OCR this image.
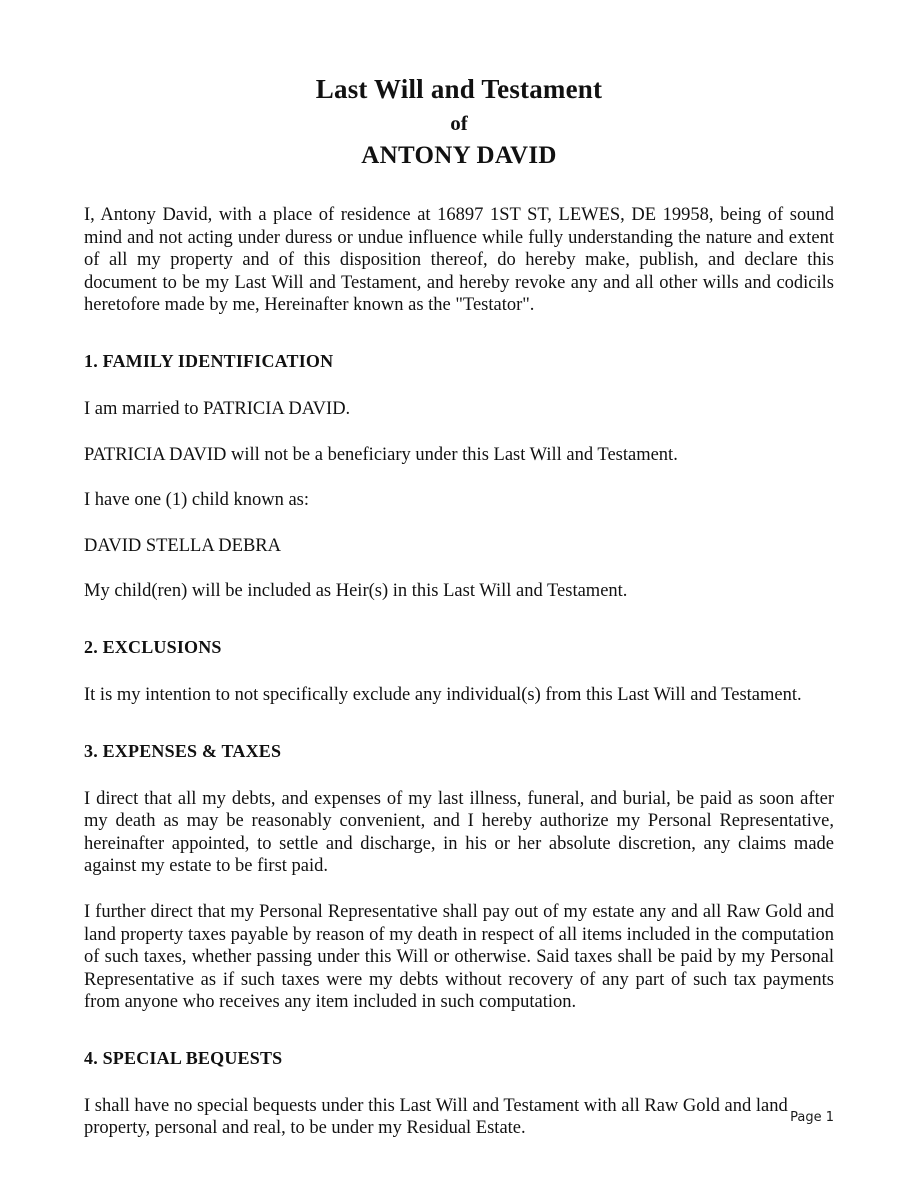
Last Will and Testament
of
ANTONY DAVID

I, Antony David, with a place of residence at 16897 1ST ST, LEWES, DE 19958, being of sound mind and not acting under duress or undue influence while fully understanding the nature and extent of all my property and of this disposition thereof, do hereby make, publish, and declare this document to be my Last Will and Testament, and hereby revoke any and all other wills and codicils heretofore made by me, Hereinafter known as the "Testator".

1. FAMILY IDENTIFICATION

I am married to PATRICIA DAVID.

PATRICIA DAVID will not be a beneficiary under this Last Will and Testament.

I have one (1) child known as:

DAVID STELLA DEBRA

My child(ren) will be included as Heir(s) in this Last Will and Testament.

2. EXCLUSIONS

It is my intention to not specifically exclude any individual(s) from this Last Will and Testament.

3. EXPENSES & TAXES

I direct that all my debts, and expenses of my last illness, funeral, and burial, be paid as soon after my death as may be reasonably convenient, and I hereby authorize my Personal Representative, hereinafter appointed, to settle and discharge, in his or her absolute discretion, any claims made against my estate to be first paid.

I further direct that my Personal Representative shall pay out of my estate any and all Raw Gold and land property taxes payable by reason of my death in respect of all items included in the computation of such taxes, whether passing under this Will or otherwise. Said taxes shall be paid by my Personal Representative as if such taxes were my debts without recovery of any part of such tax payments from anyone who receives any item included in such computation.

4. SPECIAL BEQUESTS

I shall have no special bequests under this Last Will and Testament with all Raw Gold and land property, personal and real, to be under my Residual Estate.

Page 1
